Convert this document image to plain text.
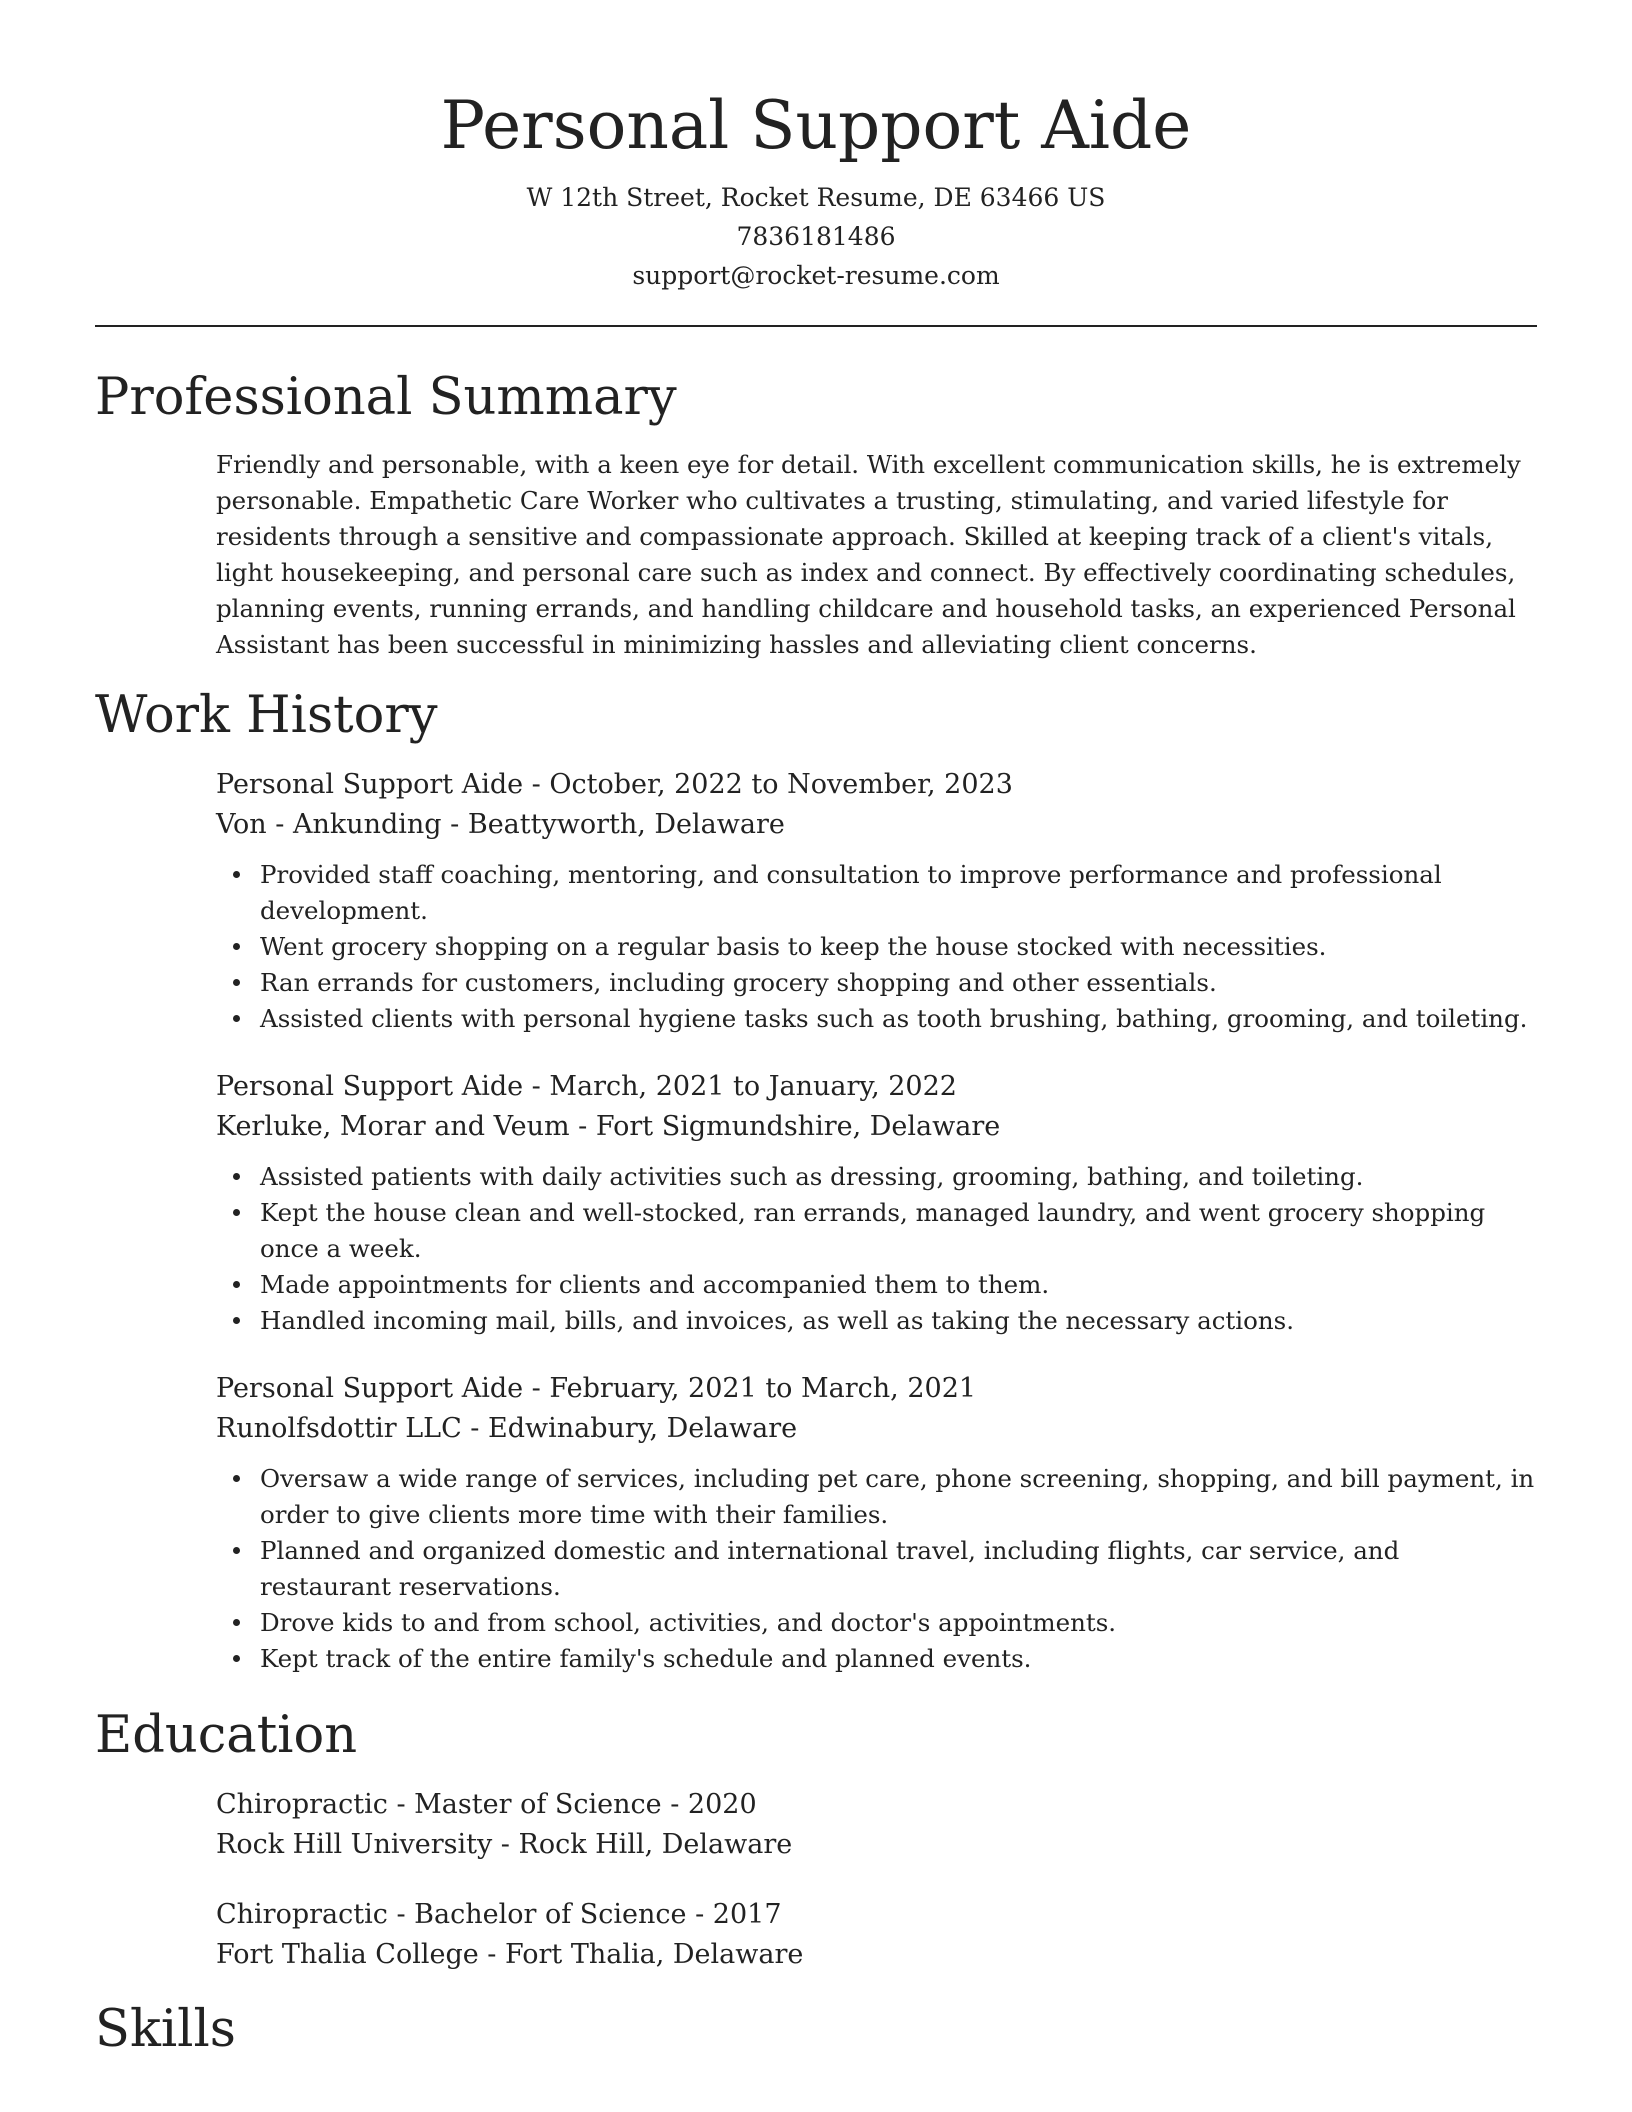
Personal Support Aide
W 12th Street, Rocket Resume, DE 63466 US
7836181486
support@rocket-resume.com
Professional Summary

Friendly and personable, with a keen eye for detail. With excellent communication skills, he is extremely personable. Empathetic Care Worker who cultivates a trusting, stimulating, and varied lifestyle for residents through a sensitive and compassionate approach. Skilled at keeping track of a client's vitals, light housekeeping, and personal care such as index and connect. By effectively coordinating schedules, planning events, running errands, and handling childcare and household tasks, an experienced Personal Assistant has been successful in minimizing hassles and alleviating client concerns.

Work History
Personal Support Aide - October, 2022 to November, 2023
Von - Ankunding - Beattyworth, Delaware
Provided staff coaching, mentoring, and consultation to improve performance and professional development.
Went grocery shopping on a regular basis to keep the house stocked with necessities.
Ran errands for customers, including grocery shopping and other essentials.
Assisted clients with personal hygiene tasks such as tooth brushing, bathing, grooming, and toileting.
Personal Support Aide - March, 2021 to January, 2022
Kerluke, Morar and Veum - Fort Sigmundshire, Delaware
Assisted patients with daily activities such as dressing, grooming, bathing, and toileting.
Kept the house clean and well-stocked, ran errands, managed laundry, and went grocery shopping once a week.
Made appointments for clients and accompanied them to them.
Handled incoming mail, bills, and invoices, as well as taking the necessary actions.
Personal Support Aide - February, 2021 to March, 2021
Runolfsdottir LLC - Edwinabury, Delaware
Oversaw a wide range of services, including pet care, phone screening, shopping, and bill payment, in order to give clients more time with their families.
Planned and organized domestic and international travel, including flights, car service, and restaurant reservations.
Drove kids to and from school, activities, and doctor's appointments.
Kept track of the entire family's schedule and planned events.
Education
Chiropractic - Master of Science - 2020
Rock Hill University - Rock Hill, Delaware
Chiropractic - Bachelor of Science - 2017
Fort Thalia College - Fort Thalia, Delaware
Skills
